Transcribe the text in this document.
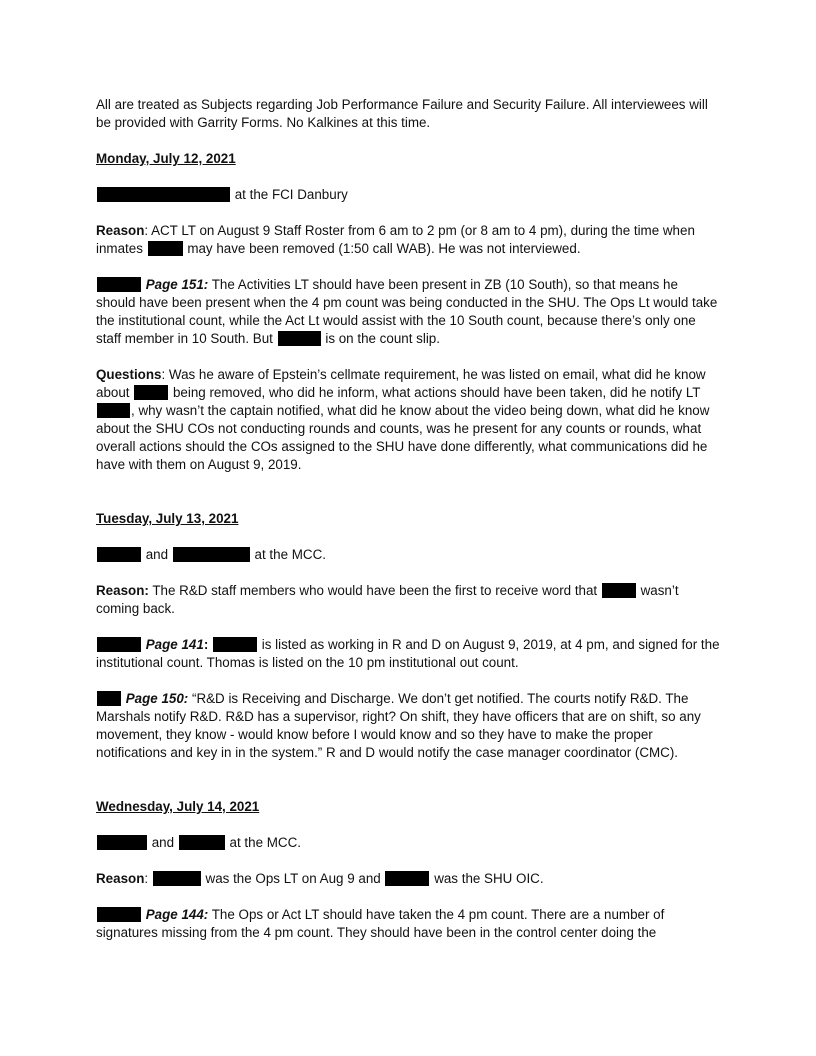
All are treated as Subjects regarding Job Performance Failure and Security Failure. All interviewees will be provided with Garrity Forms. No Kalkines at this time.

Monday, July 12, 2021

at the FCI Danbury

Reason: ACT LT on August 9 Staff Roster from 6 am to 2 pm (or 8 am to 4 pm), during the time when inmates	may have been removed (1:50 call WAB). He was not interviewed.

Page 151: The Activities LT should have been present in ZB (10 South), so that means he should have been present when the 4 pm count was being conducted in the SHU. The Ops Lt would take the institutional count, while the Act Lt would assist with the 10 South count, because there’s only one staff member in 10 South. But	is on the count slip.

Questions: Was he aware of Epstein’s cellmate requirement, he was listed on email, what did he know about	being removed, who did he inform, what actions should have been taken, did he notify LT , why wasn’t the captain notified, what did he know about the video being down, what did he know about the SHU COs not conducting rounds and counts, was he present for any counts or rounds, what overall actions should the COs assigned to the SHU have done differently, what communications did he have with them on August 9, 2019.

Tuesday, July 13, 2021

and	at the MCC.

Reason: The R&D staff members who would have been the first to receive word that	wasn’t coming back.

Page 141:	is listed as working in R and D on August 9, 2019, at 4 pm, and signed for the institutional count. Thomas is listed on the 10 pm institutional out count.

Page 150: “R&D is Receiving and Discharge. We don’t get notified. The courts notify R&D. The Marshals notify R&D. R&D has a supervisor, right? On shift, they have officers that are on shift, so any movement, they know - would know before I would know and so they have to make the proper notifications and key in in the system.” R and D would notify the case manager coordinator (CMC).

Wednesday, July 14, 2021

and	at the MCC.

Reason:	was the Ops LT on Aug 9 and	was the SHU OIC.

Page 144: The Ops or Act LT should have taken the 4 pm count. There are a number of signatures missing from the 4 pm count. They should have been in the control center doing the
